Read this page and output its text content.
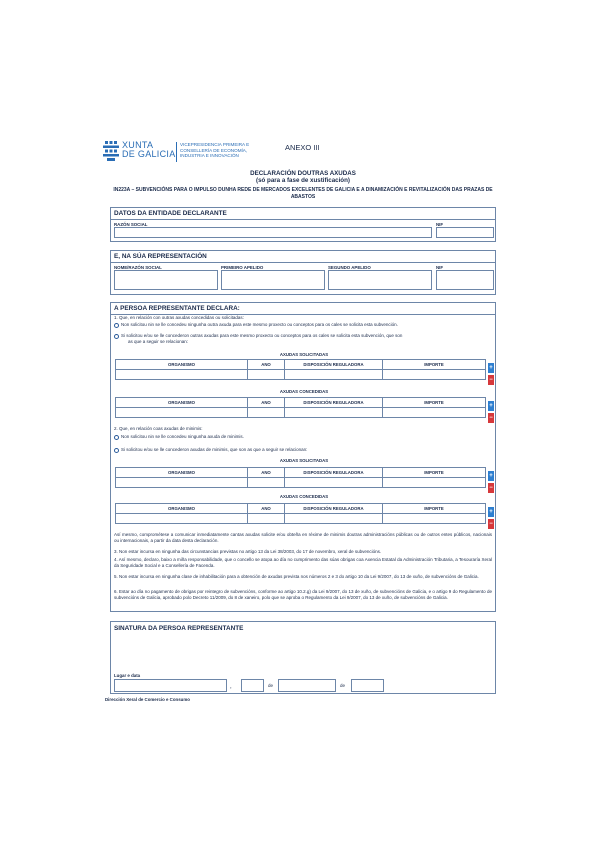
XUNTA
DE GALICIA
VICEPRESIDENCIA PRIMEIRA E
CONSELLERÍA DE ECONOMÍA,
INDUSTRIA E INNOVACIÓN
ANEXO III
DECLARACIÓN DOUTRAS AXUDAS
(só para a fase de xustificación)
IN223A – SUBVENCIÓNS PARA O IMPULSO DUNHA REDE DE MERCADOS EXCELENTES DE GALICIA E A DINAMIZACIÓN E REVITALIZACIÓN DAS PRAZAS DE ABASTOS
DATOS DA ENTIDADE DECLARANTE
RAZÓN SOCIAL	NIF
E, NA SÚA REPRESENTACIÓN
NOME/RAZÓN SOCIAL	PRIMEIRO APELIDO	SEGUNDO APELIDO	NIF
A PERSOA REPRESENTANTE DECLARA:
1. Que, en relación con outras axudas concedidas ou solicitadas:
Non solicitou nin se lle concedeu ningunha outra axuda para este mesmo proxecto ou conceptos para os cales se solicita esta subvención.
Si solicitou e/ou se lle concederon outras axudas para este mesmo proxecto ou conceptos para os cales se solicita esta subvención, que son
as que a seguir se relacionan:
AXUDAS SOLICITADAS
ORGANISMO	ANO	DISPOSICIÓN REGULADORA	IMPORTE

+
−
AXUDAS CONCEDIDAS
ORGANISMO	ANO	DISPOSICIÓN REGULADORA	IMPORTE

+
−
2. Que, en relación coas axudas de minimis:
Non solicitou nin se lle concedeu ningunha axuda de minimis.
Si solicitou e/ou se lle concederon axudas de minimis, que son as que a seguir se relacionan:
AXUDAS SOLICITADAS
ORGANISMO	ANO	DISPOSICIÓN REGULADORA	IMPORTE

+
−
AXUDAS CONCEDIDAS
ORGANISMO	ANO	DISPOSICIÓN REGULADORA	IMPORTE

+
−
Así mesmo, comprométese a comunicar inmediatamente cantas axudas solicite e/ou obteña en réxime de minimis doutras administracións públicas ou de outros entes públicos, nacionais ou internacionais, a partir da data desta declaración.
3. Non estar incursa en ningunha das circunstancias previstas no artigo 13 da Lei 38/2003, do 17 de novembro, xeral de subvencións.
4. Así mesmo, declaro, baixo a miña responsabilidade, que o concello se atopa ao día no cumprimento das súas obrigas coa Axencia Estatal da Administración Tributaria, a Tesouraría Xeral da Seguridade Social e a Consellería de Facenda.
5. Non estar incursa en ningunha clase de inhabilitación para a obtención de axudas prevista nos números 2 e 3 do artigo 10 da Lei 9/2007, do 13 de xuño, de subvencións de Galicia.
6. Estar ao día no pagamento de obrigas por reintegro de subvencións, conforme ao artigo 10.2.g) da Lei 9/2007, do 13 de xuño, de subvencións de Galicia, e o artigo 9 do Regulamento de subvencións de Galicia, aprobado polo Decreto 11/2009, do 8 de xaneiro, polo que se aproba o Regulamento da Lei 9/2007, do 13 de xuño, de subvencións de Galicia.
SINATURA DA PERSOA REPRESENTANTE
Lugar e data
,	de	de
Dirección Xeral de Comercio e Consumo
